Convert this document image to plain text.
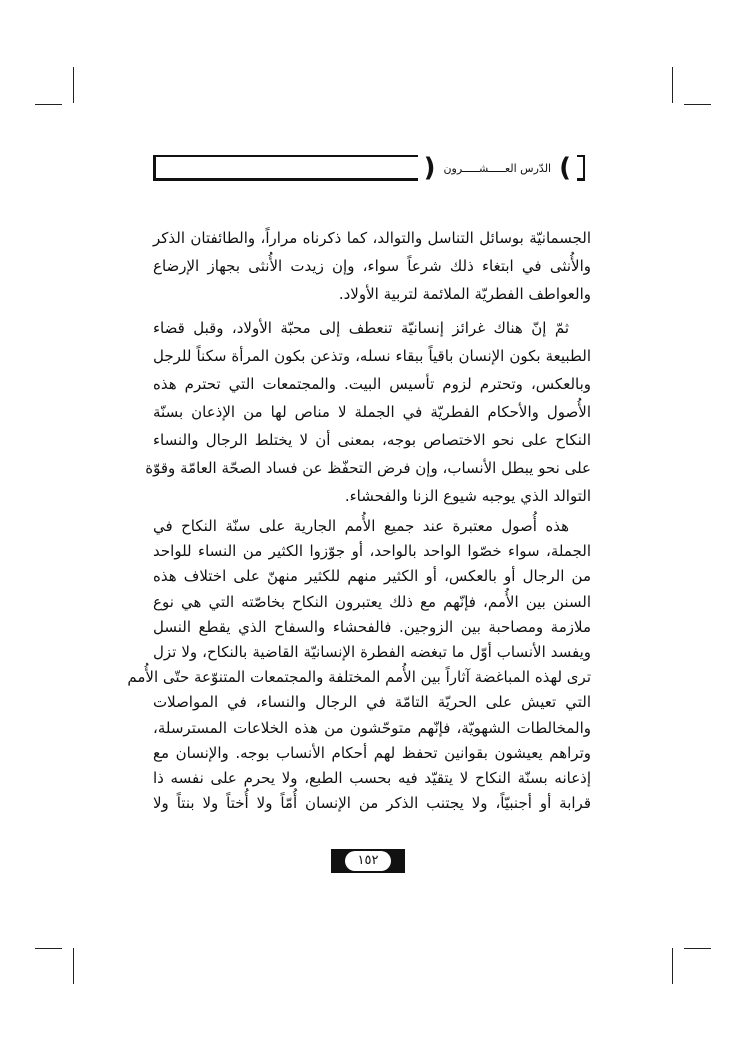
) الدّرس العـــــشـــــرون (
الجسمانيّة بوسائل التناسل والتوالد، كما ذكرناه مراراً، والطائفتان الذكر
والأُنثى في ابتغاء ذلك شرعاً سواء، وإن زيدت الأُنثى بجهاز الإرضاع
والعواطف الفطريّة الملائمة لتربية الأولاد.
ثمّ إنّ هناك غرائز إنسانيّة تنعطف إلى محبّة الأولاد، وقبل قضاء
الطبيعة بكون الإنسان باقياً ببقاء نسله، وتذعن بكون المرأة سكناً للرجل
وبالعكس، وتحترم لزوم تأسيس البيت. والمجتمعات التي تحترم هذه
الأُصول والأحكام الفطريّة في الجملة لا مناص لها من الإذعان بسنّة
النكاح على نحو الاختصاص بوجه، بمعنى أن لا يختلط الرجال والنساء
على نحو يبطل الأنساب، وإن فرض التحفّظ عن فساد الصحّة العامّة وقوّة
التوالد الذي يوجبه شيوع الزنا والفحشاء.
هذه أُصول معتبرة عند جميع الأُمم الجارية على سنّة النكاح في
الجملة، سواء خصّوا الواحد بالواحد، أو جوّزوا الكثير من النساء للواحد
من الرجال أو بالعكس، أو الكثير منهم للكثير منهنّ على اختلاف هذه
السنن بين الأُمم، فإنّهم مع ذلك يعتبرون النكاح بخاصّته التي هي نوع
ملازمة ومصاحبة بين الزوجين. فالفحشاء والسفاح الذي يقطع النسل
ويفسد الأنساب أوّل ما تبغضه الفطرة الإنسانيّة القاضية بالنكاح، ولا تزل
ترى لهذه المباغضة آثاراً بين الأُمم المختلفة والمجتمعات المتنوّعة حتّى الأُمم
التي تعيش على الحريّة التامّة في الرجال والنساء، في المواصلات
والمخالطات الشهويّة، فإنّهم متوحّشون من هذه الخلاعات المسترسلة،
وتراهم يعيشون بقوانين تحفظ لهم أحكام الأنساب بوجه. والإنسان مع
إذعانه بسنّة النكاح لا يتقيّد فيه بحسب الطبع، ولا يحرم على نفسه ذا
قرابة أو أجنبيّاً، ولا يجتنب الذكر من الإنسان أُمّاً ولا أُختاً ولا بنتاً ولا
١٥٢
